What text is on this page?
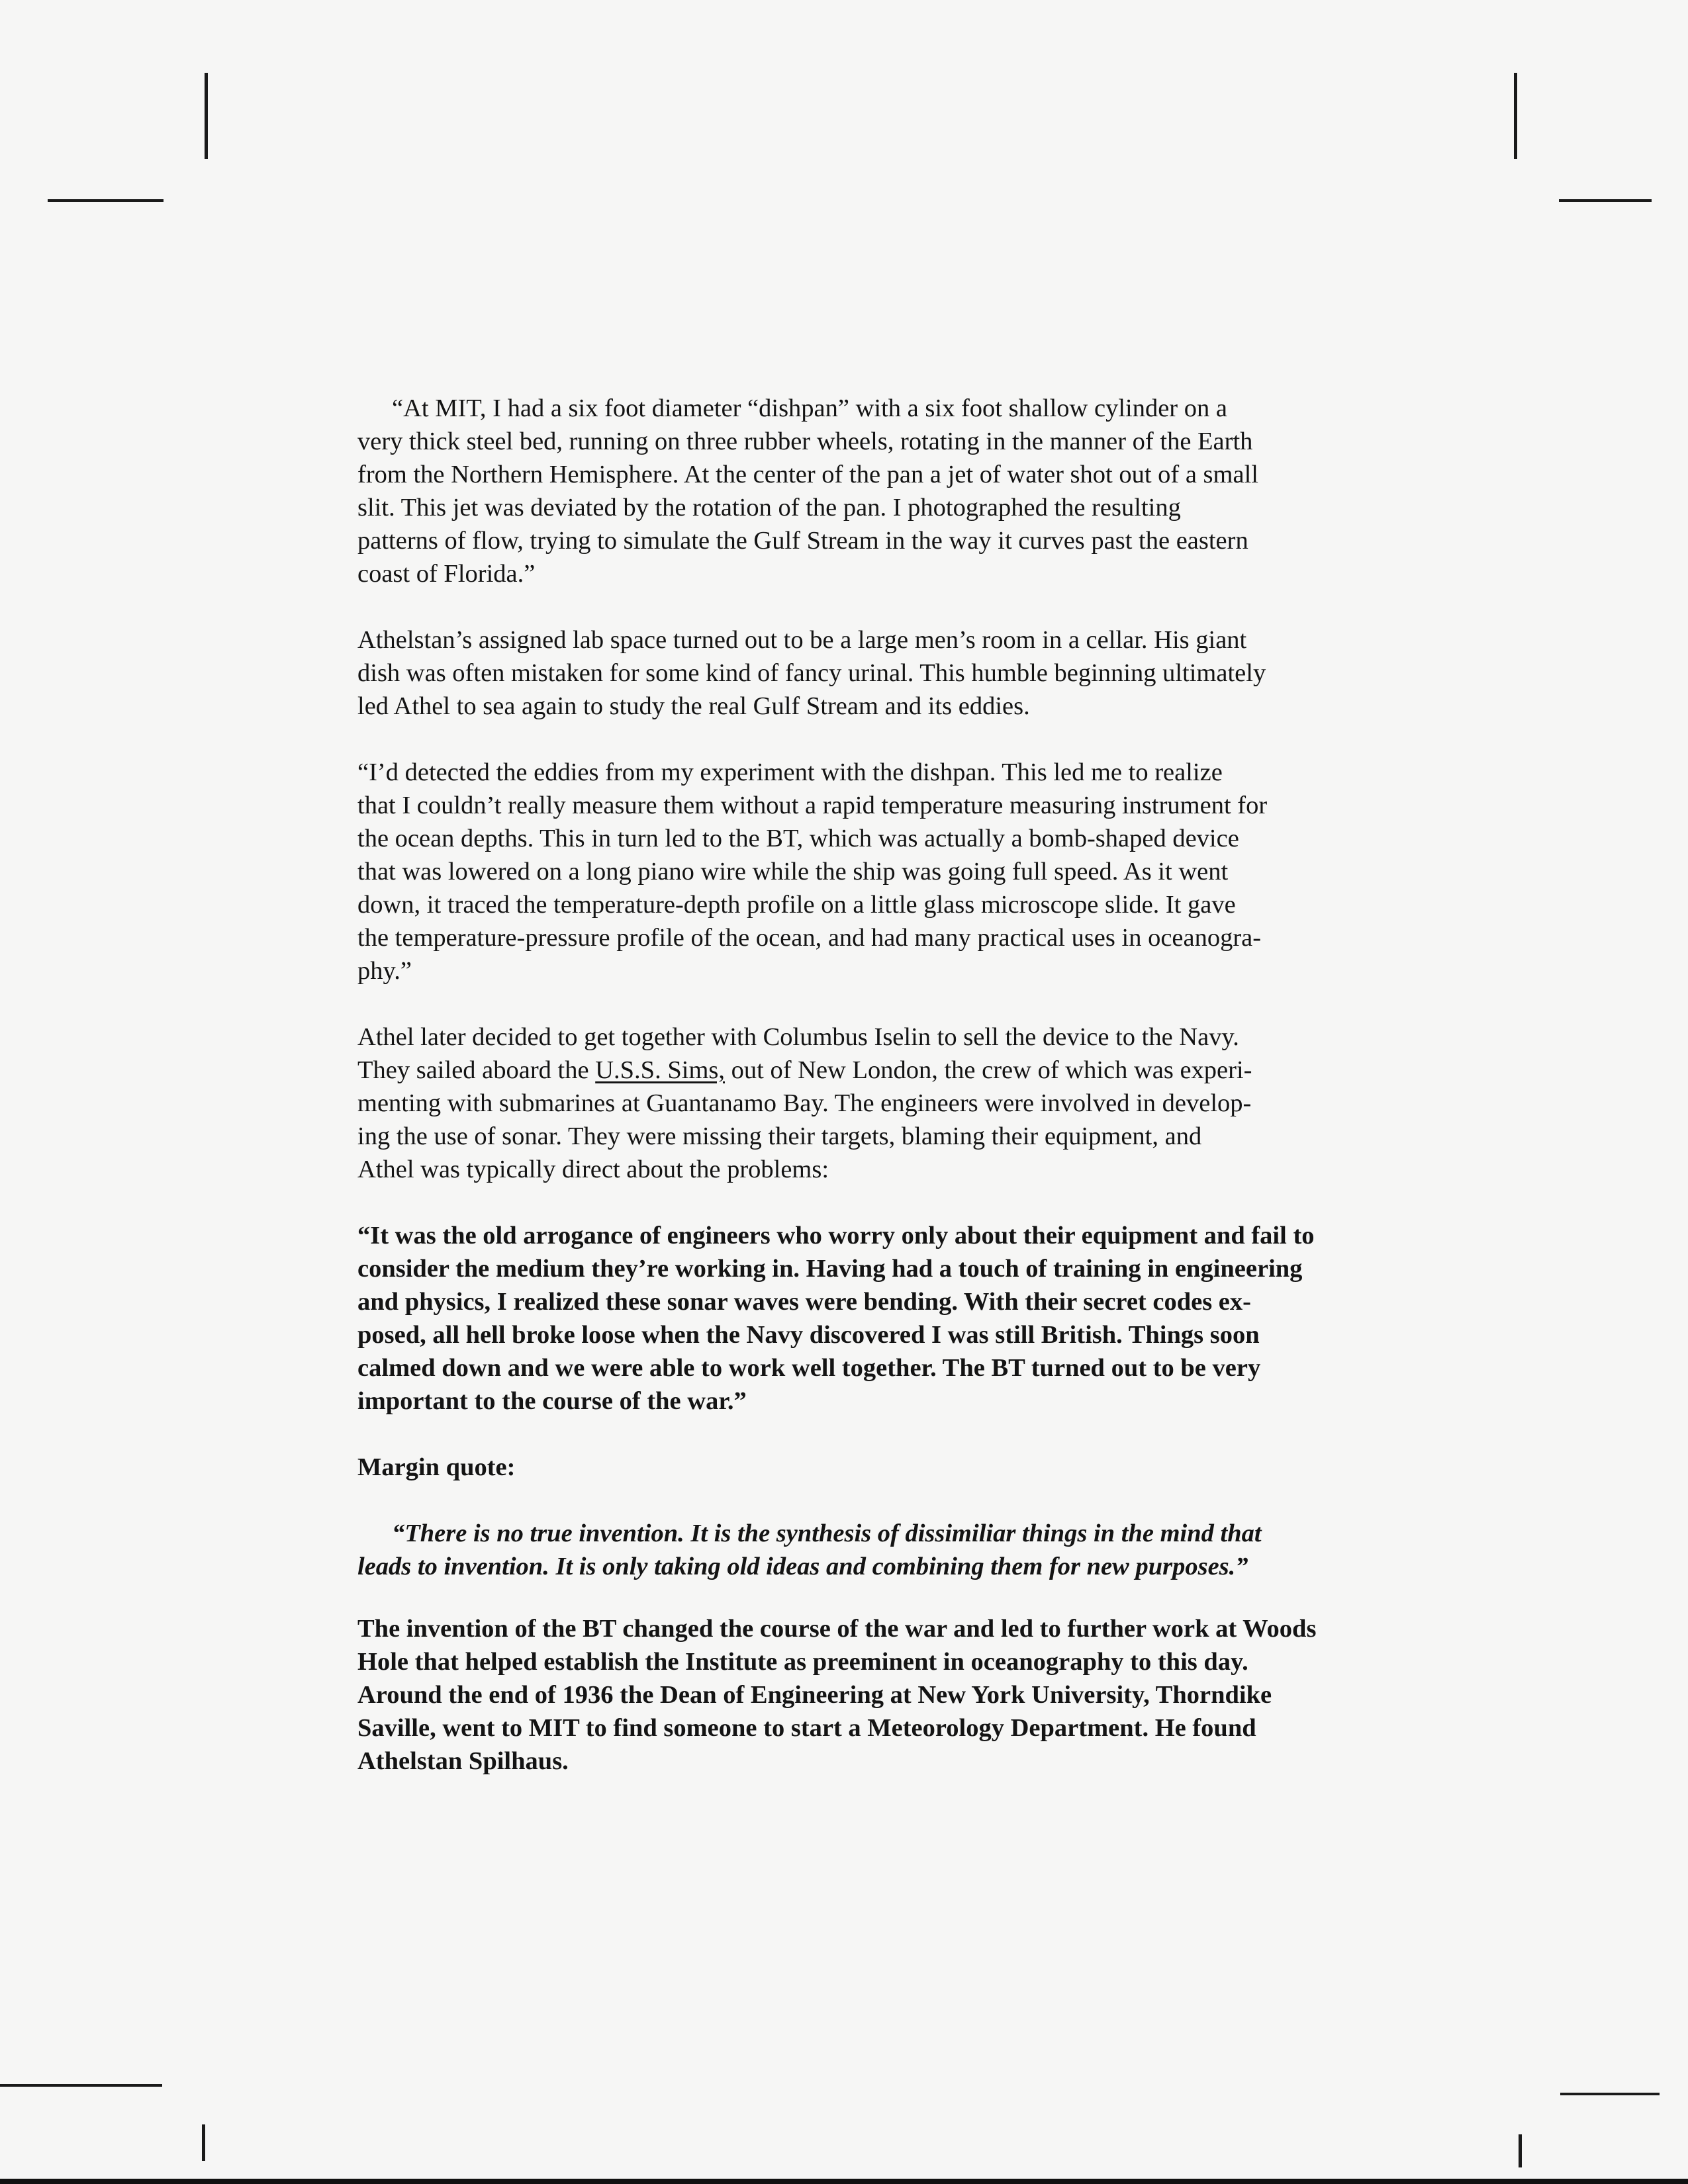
“At MIT, I had a six foot diameter “dishpan” with a six foot shallow cylinder on a
very thick steel bed, running on three rubber wheels, rotating in the manner of the Earth
from the Northern Hemisphere. At the center of the pan a jet of water shot out of a small
slit. This jet was deviated by the rotation of the pan. I photographed the resulting
patterns of flow, trying to simulate the Gulf Stream in the way it curves past the eastern
coast of Florida.”

Athelstan’s assigned lab space turned out to be a large men’s room in a cellar. His giant
dish was often mistaken for some kind of fancy urinal. This humble beginning ultimately
led Athel to sea again to study the real Gulf Stream and its eddies.

“I’d detected the eddies from my experiment with the dishpan. This led me to realize
that I couldn’t really measure them without a rapid temperature measuring instrument for
the ocean depths. This in turn led to the BT, which was actually a bomb-shaped device
that was lowered on a long piano wire while the ship was going full speed. As it went
down, it traced the temperature-depth profile on a little glass microscope slide. It gave
the temperature-pressure profile of the ocean, and had many practical uses in oceanogra-
phy.”

Athel later decided to get together with Columbus Iselin to sell the device to the Navy.
They sailed aboard the U.S.S. Sims, out of New London, the crew of which was experi-
menting with submarines at Guantanamo Bay. The engineers were involved in develop-
ing the use of sonar. They were missing their targets, blaming their equipment, and
Athel was typically direct about the problems:

“It was the old arrogance of engineers who worry only about their equipment and fail to
consider the medium they’re working in. Having had a touch of training in engineering
and physics, I realized these sonar waves were bending. With their secret codes ex-
posed, all hell broke loose when the Navy discovered I was still British. Things soon
calmed down and we were able to work well together. The BT turned out to be very
important to the course of the war.”

Margin quote:

“There is no true invention. It is the synthesis of dissimiliar things in the mind that
leads to invention. It is only taking old ideas and combining them for new purposes.”

The invention of the BT changed the course of the war and led to further work at Woods
Hole that helped establish the Institute as preeminent in oceanography to this day.
Around the end of 1936 the Dean of Engineering at New York University, Thorndike
Saville, went to MIT to find someone to start a Meteorology Department. He found
Athelstan Spilhaus.
